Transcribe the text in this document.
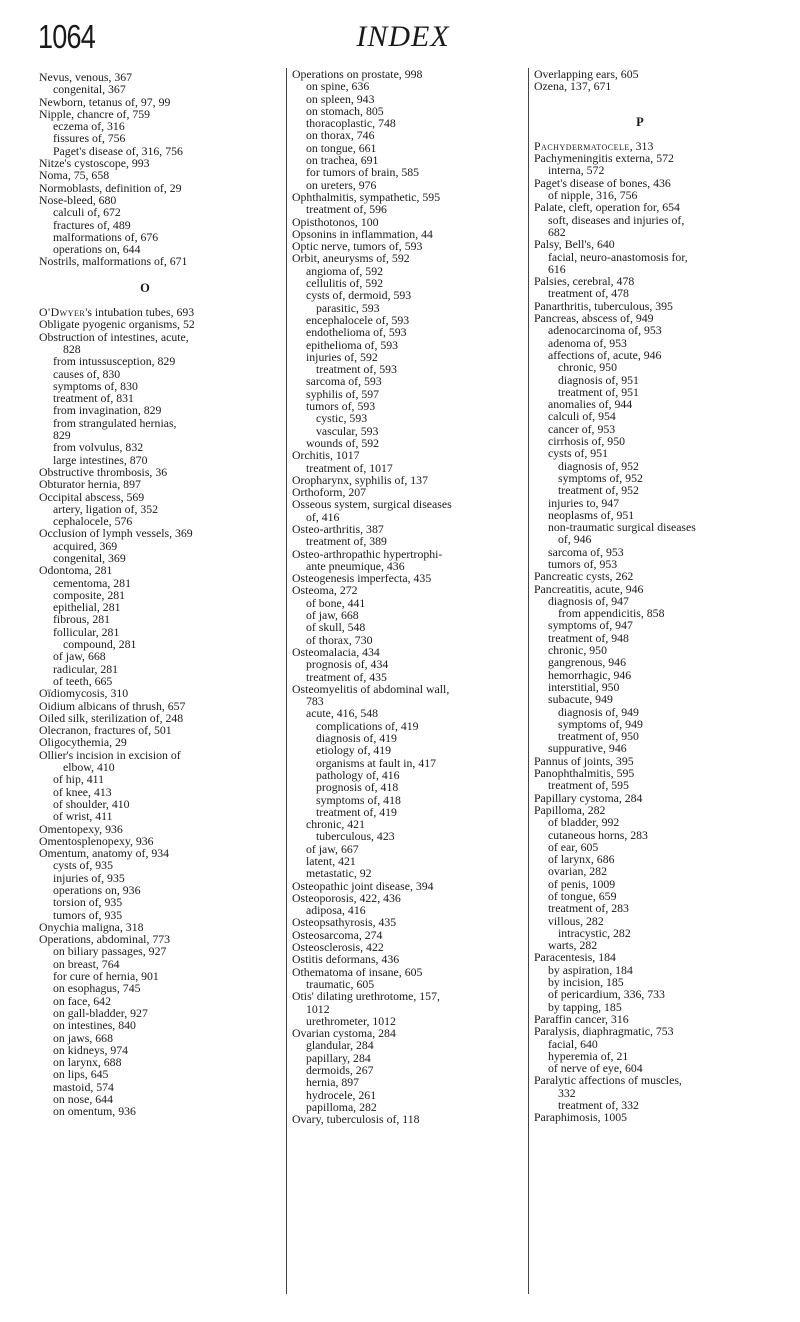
1064	INDEX
Nevus, venous, 367
congenital, 367
Newborn, tetanus of, 97, 99
Nipple, chancre of, 759
eczema of, 316
fissures of, 756
Paget's disease of, 316, 756
Nitze's cystoscope, 993
Noma, 75, 658
Normoblasts, definition of, 29
Nose-bleed, 680
calculi of, 672
fractures of, 489
malformations of, 676
operations on, 644
Nostrils, malformations of, 671
O
O'Dwyer's intubation tubes, 693
Obligate pyogenic organisms, 52
Obstruction of intestines, acute,
828
from intussusception, 829
causes of, 830
symptoms of, 830
treatment of, 831
from invagination, 829
from strangulated hernias,
829
from volvulus, 832
large intestines, 870
Obstructive thrombosis, 36
Obturator hernia, 897
Occipital abscess, 569
artery, ligation of, 352
cephalocele, 576
Occlusion of lymph vessels, 369
acquired, 369
congenital, 369
Odontoma, 281
cementoma, 281
composite, 281
epithelial, 281
fibrous, 281
follicular, 281
compound, 281
of jaw, 668
radicular, 281
of teeth, 665
Oïdiomycosis, 310
Oidium albicans of thrush, 657
Oiled silk, sterilization of, 248
Olecranon, fractures of, 501
Oligocythemia, 29
Ollier's incision in excision of
elbow, 410
of hip, 411
of knee, 413
of shoulder, 410
of wrist, 411
Omentopexy, 936
Omentosplenopexy, 936
Omentum, anatomy of, 934
cysts of, 935
injuries of, 935
operations on, 936
torsion of, 935
tumors of, 935
Onychia maligna, 318
Operations, abdominal, 773
on biliary passages, 927
on breast, 764
for cure of hernia, 901
on esophagus, 745
on face, 642
on gall-bladder, 927
on intestines, 840
on jaws, 668
on kidneys, 974
on larynx, 688
on lips, 645
mastoid, 574
on nose, 644
on omentum, 936
Operations on prostate, 998
on spine, 636
on spleen, 943
on stomach, 805
thoracoplastic, 748
on thorax, 746
on tongue, 661
on trachea, 691
for tumors of brain, 585
on ureters, 976
Ophthalmitis, sympathetic, 595
treatment of, 596
Opisthotonos, 100
Opsonins in inflammation, 44
Optic nerve, tumors of, 593
Orbit, aneurysms of, 592
angioma of, 592
cellulitis of, 592
cysts of, dermoid, 593
parasitic, 593
encephalocele of, 593
endothelioma of, 593
epithelioma of, 593
injuries of, 592
treatment of, 593
sarcoma of, 593
syphilis of, 597
tumors of, 593
cystic, 593
vascular, 593
wounds of, 592
Orchitis, 1017
treatment of, 1017
Oropharynx, syphilis of, 137
Orthoform, 207
Osseous system, surgical diseases
of, 416
Osteo-arthritis, 387
treatment of, 389
Osteo-arthropathic hypertrophi-
ante pneumique, 436
Osteogenesis imperfecta, 435
Osteoma, 272
of bone, 441
of jaw, 668
of skull, 548
of thorax, 730
Osteomalacia, 434
prognosis of, 434
treatment of, 435
Osteomyelitis of abdominal wall,
783
acute, 416, 548
complications of, 419
diagnosis of, 419
etiology of, 419
organisms at fault in, 417
pathology of, 416
prognosis of, 418
symptoms of, 418
treatment of, 419
chronic, 421
tuberculous, 423
of jaw, 667
latent, 421
metastatic, 92
Osteopathic joint disease, 394
Osteoporosis, 422, 436
adiposa, 416
Osteopsathyrosis, 435
Osteosarcoma, 274
Osteosclerosis, 422
Ostitis deformans, 436
Othematoma of insane, 605
traumatic, 605
Otis' dilating urethrotome, 157,
1012
urethrometer, 1012
Ovarian cystoma, 284
glandular, 284
papillary, 284
dermoids, 267
hernia, 897
hydrocele, 261
papilloma, 282
Ovary, tuberculosis of, 118
Overlapping ears, 605
Ozena, 137, 671
P
Pachydermatocele, 313
Pachymeningitis externa, 572
interna, 572
Paget's disease of bones, 436
of nipple, 316, 756
Palate, cleft, operation for, 654
soft, diseases and injuries of,
682
Palsy, Bell's, 640
facial, neuro-anastomosis for,
616
Palsies, cerebral, 478
treatment of, 478
Panarthritis, tuberculous, 395
Pancreas, abscess of, 949
adenocarcinoma of, 953
adenoma of, 953
affections of, acute, 946
chronic, 950
diagnosis of, 951
treatment of, 951
anomalies of, 944
calculi of, 954
cancer of, 953
cirrhosis of, 950
cysts of, 951
diagnosis of, 952
symptoms of, 952
treatment of, 952
injuries to, 947
neoplasms of, 951
non-traumatic surgical diseases
of, 946
sarcoma of, 953
tumors of, 953
Pancreatic cysts, 262
Pancreatitis, acute, 946
diagnosis of, 947
from appendicitis, 858
symptoms of, 947
treatment of, 948
chronic, 950
gangrenous, 946
hemorrhagic, 946
interstitial, 950
subacute, 949
diagnosis of, 949
symptoms of, 949
treatment of, 950
suppurative, 946
Pannus of joints, 395
Panophthalmitis, 595
treatment of, 595
Papillary cystoma, 284
Papilloma, 282
of bladder, 992
cutaneous horns, 283
of ear, 605
of larynx, 686
ovarian, 282
of penis, 1009
of tongue, 659
treatment of, 283
villous, 282
intracystic, 282
warts, 282
Paracentesis, 184
by aspiration, 184
by incision, 185
of pericardium, 336, 733
by tapping, 185
Paraffin cancer, 316
Paralysis, diaphragmatic, 753
facial, 640
hyperemia of, 21
of nerve of eye, 604
Paralytic affections of muscles,
332
treatment of, 332
Paraphimosis, 1005
